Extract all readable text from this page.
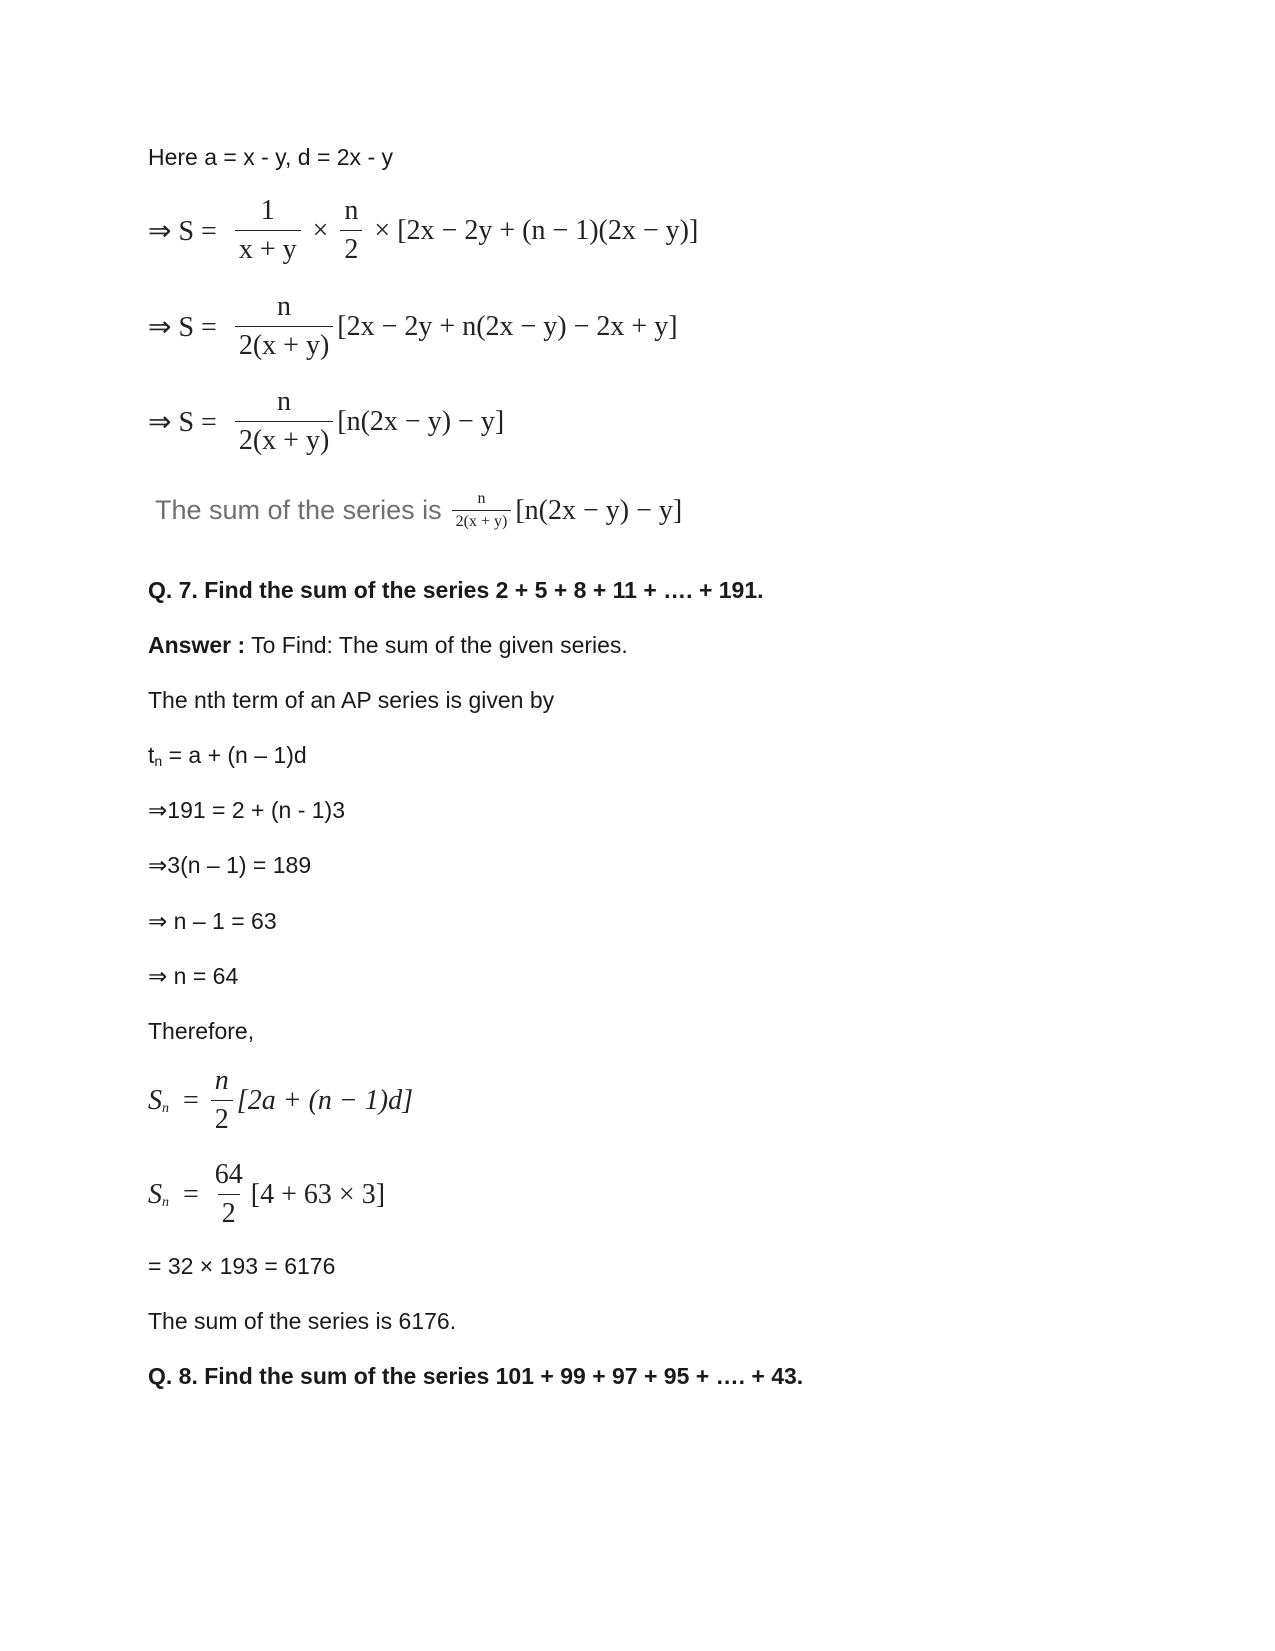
Here a = x - y, d = 2x - y
⇒ $S = \frac{1}{x + y} \times \frac{n}{2} \times [2x - 2y + (n - 1)(2x - y)]$
⇒ $S = \frac{n}{2(x + y)} [2x - 2y + n(2x - y) - 2x + y]$
⇒ $S = \frac{n}{2(x + y)} [n(2x - y) - y]$
The sum of the series is $\frac{n}{2(x + y)} [n(2x - y) - y]$
Q. 7. Find the sum of the series 2 + 5 + 8 + 11 + …. + 191.
Answer : To Find: The sum of the given series.
The nth term of an AP series is given by
$t_n = a + (n - 1)d$
⇒191 = 2 + (n - 1)3
⇒3(n – 1) = 189
⇒ n – 1 = 63
⇒ n = 64
Therefore,
$S_n = \frac{n}{2} [2a + (n - 1)d]$
$S_n = \frac{64}{2} [4 + 63 \times 3]$
= 32 × 193 = 6176
The sum of the series is 6176.
Q. 8. Find the sum of the series 101 + 99 + 97 + 95 + …. + 43.
